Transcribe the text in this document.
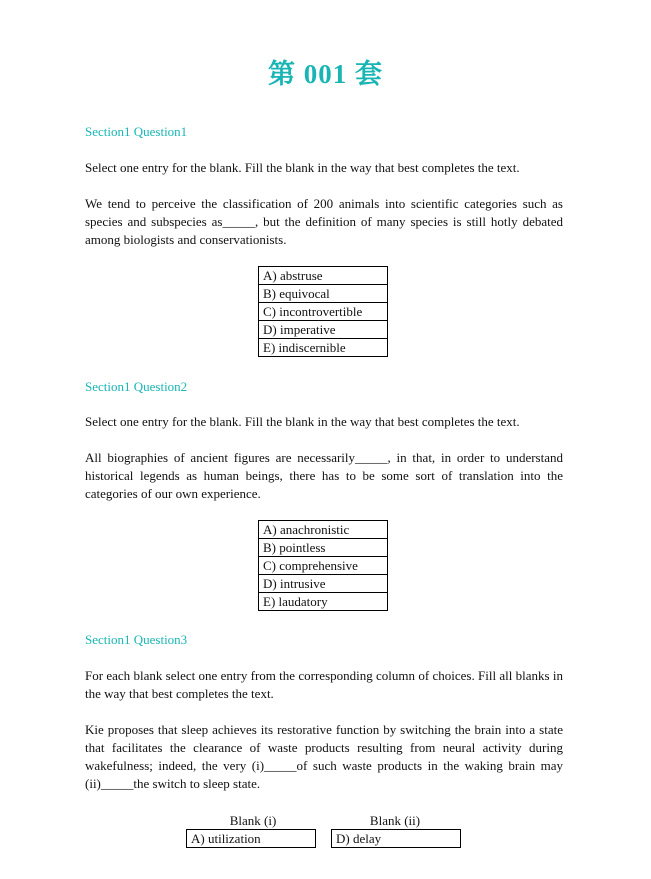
第 001 套
Section1 Question1

Select one entry for the blank. Fill the blank in the way that best completes the text.

We tend to perceive the classification of 200 animals into scientific categories such as species and subspecies as_____, but the definition of many species is still hotly debated among biologists and conservationists.

A) abstruse
B) equivocal
C) incontrovertible
D) imperative
E) indiscernible
Section1 Question2

Select one entry for the blank. Fill the blank in the way that best completes the text.

All biographies of ancient figures are necessarily_____, in that, in order to understand historical legends as human beings, there has to be some sort of translation into the categories of our own experience.

A) anachronistic
B) pointless
C) comprehensive
D) intrusive
E) laudatory
Section1 Question3

For each blank select one entry from the corresponding column of choices. Fill all blanks in the way that best completes the text.

Kie proposes that sleep achieves its restorative function by switching the brain into a state that facilitates the clearance of waste products resulting from neural activity during wakefulness; indeed, the very (i)_____of such waste products in the waking brain may (ii)_____the switch to sleep state.

Blank (i)
A) utilization
Blank (ii)
D) delay
